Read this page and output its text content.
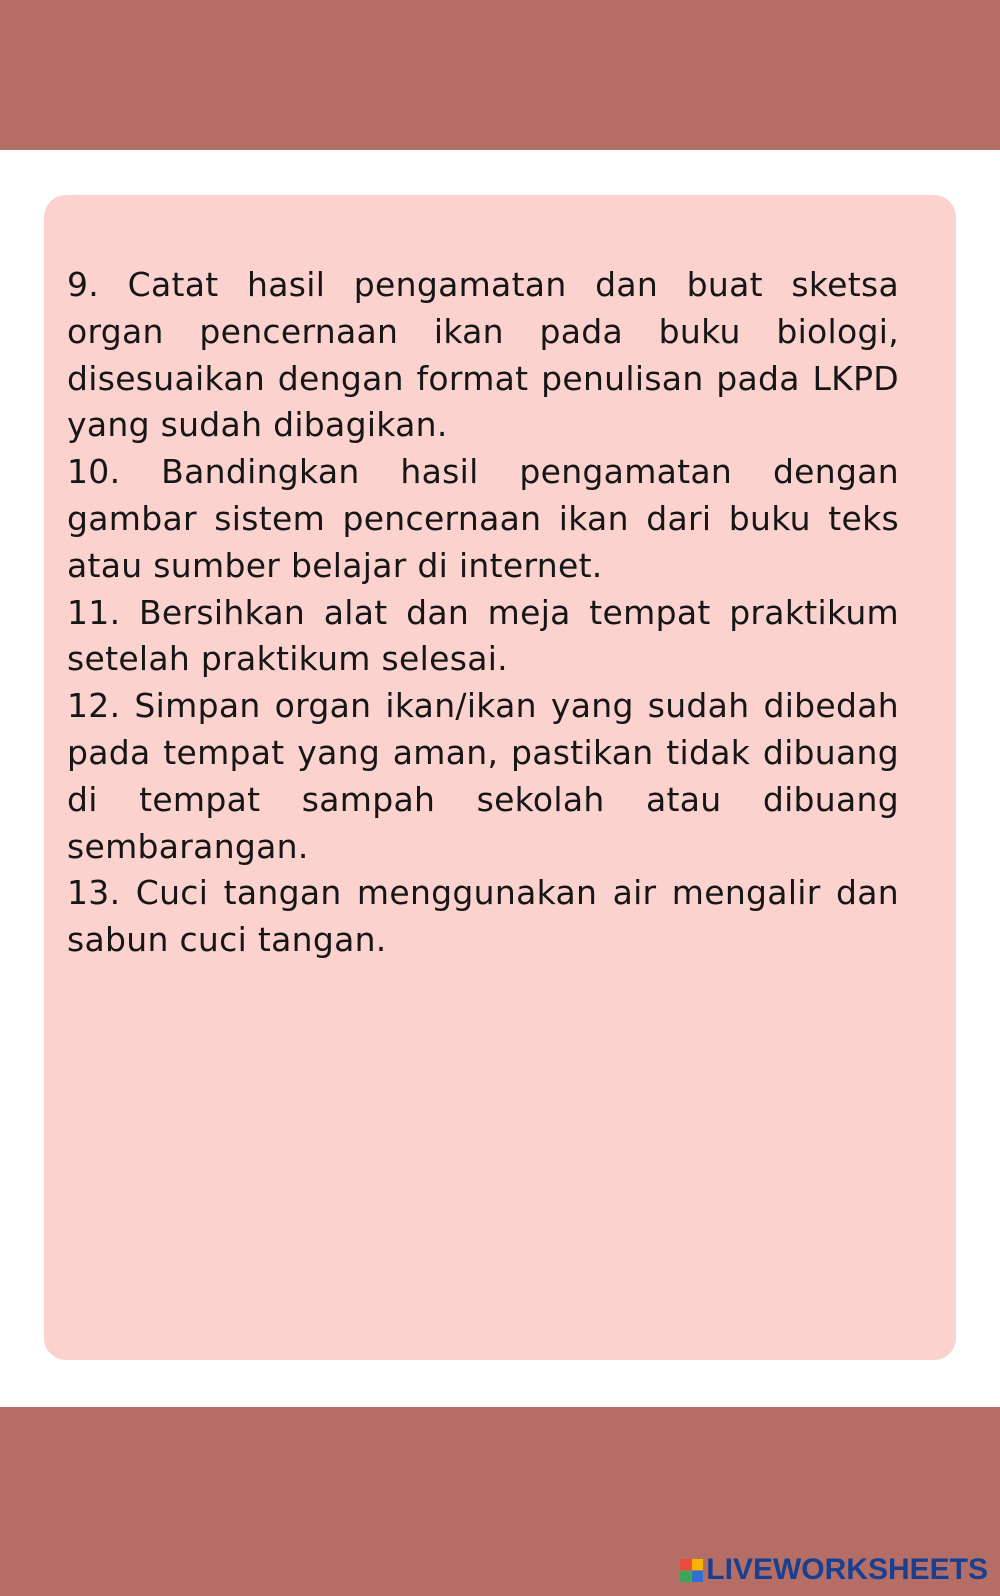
9. Catat hasil pengamatan dan buat sketsa organ pencernaan ikan pada buku biologi, disesuaikan dengan format penulisan pada LKPD yang sudah dibagikan.
10. Bandingkan hasil pengamatan dengan gambar sistem pencernaan ikan dari buku teks atau sumber belajar di internet.
11. Bersihkan alat dan meja tempat praktikum setelah praktikum selesai.
12. Simpan organ ikan/ikan yang sudah dibedah pada tempat yang aman, pastikan tidak dibuang di tempat sampah sekolah atau dibuang sembarangan.
13. Cuci tangan menggunakan air mengalir dan sabun cuci tangan.
LIVEWORKSHEETS
